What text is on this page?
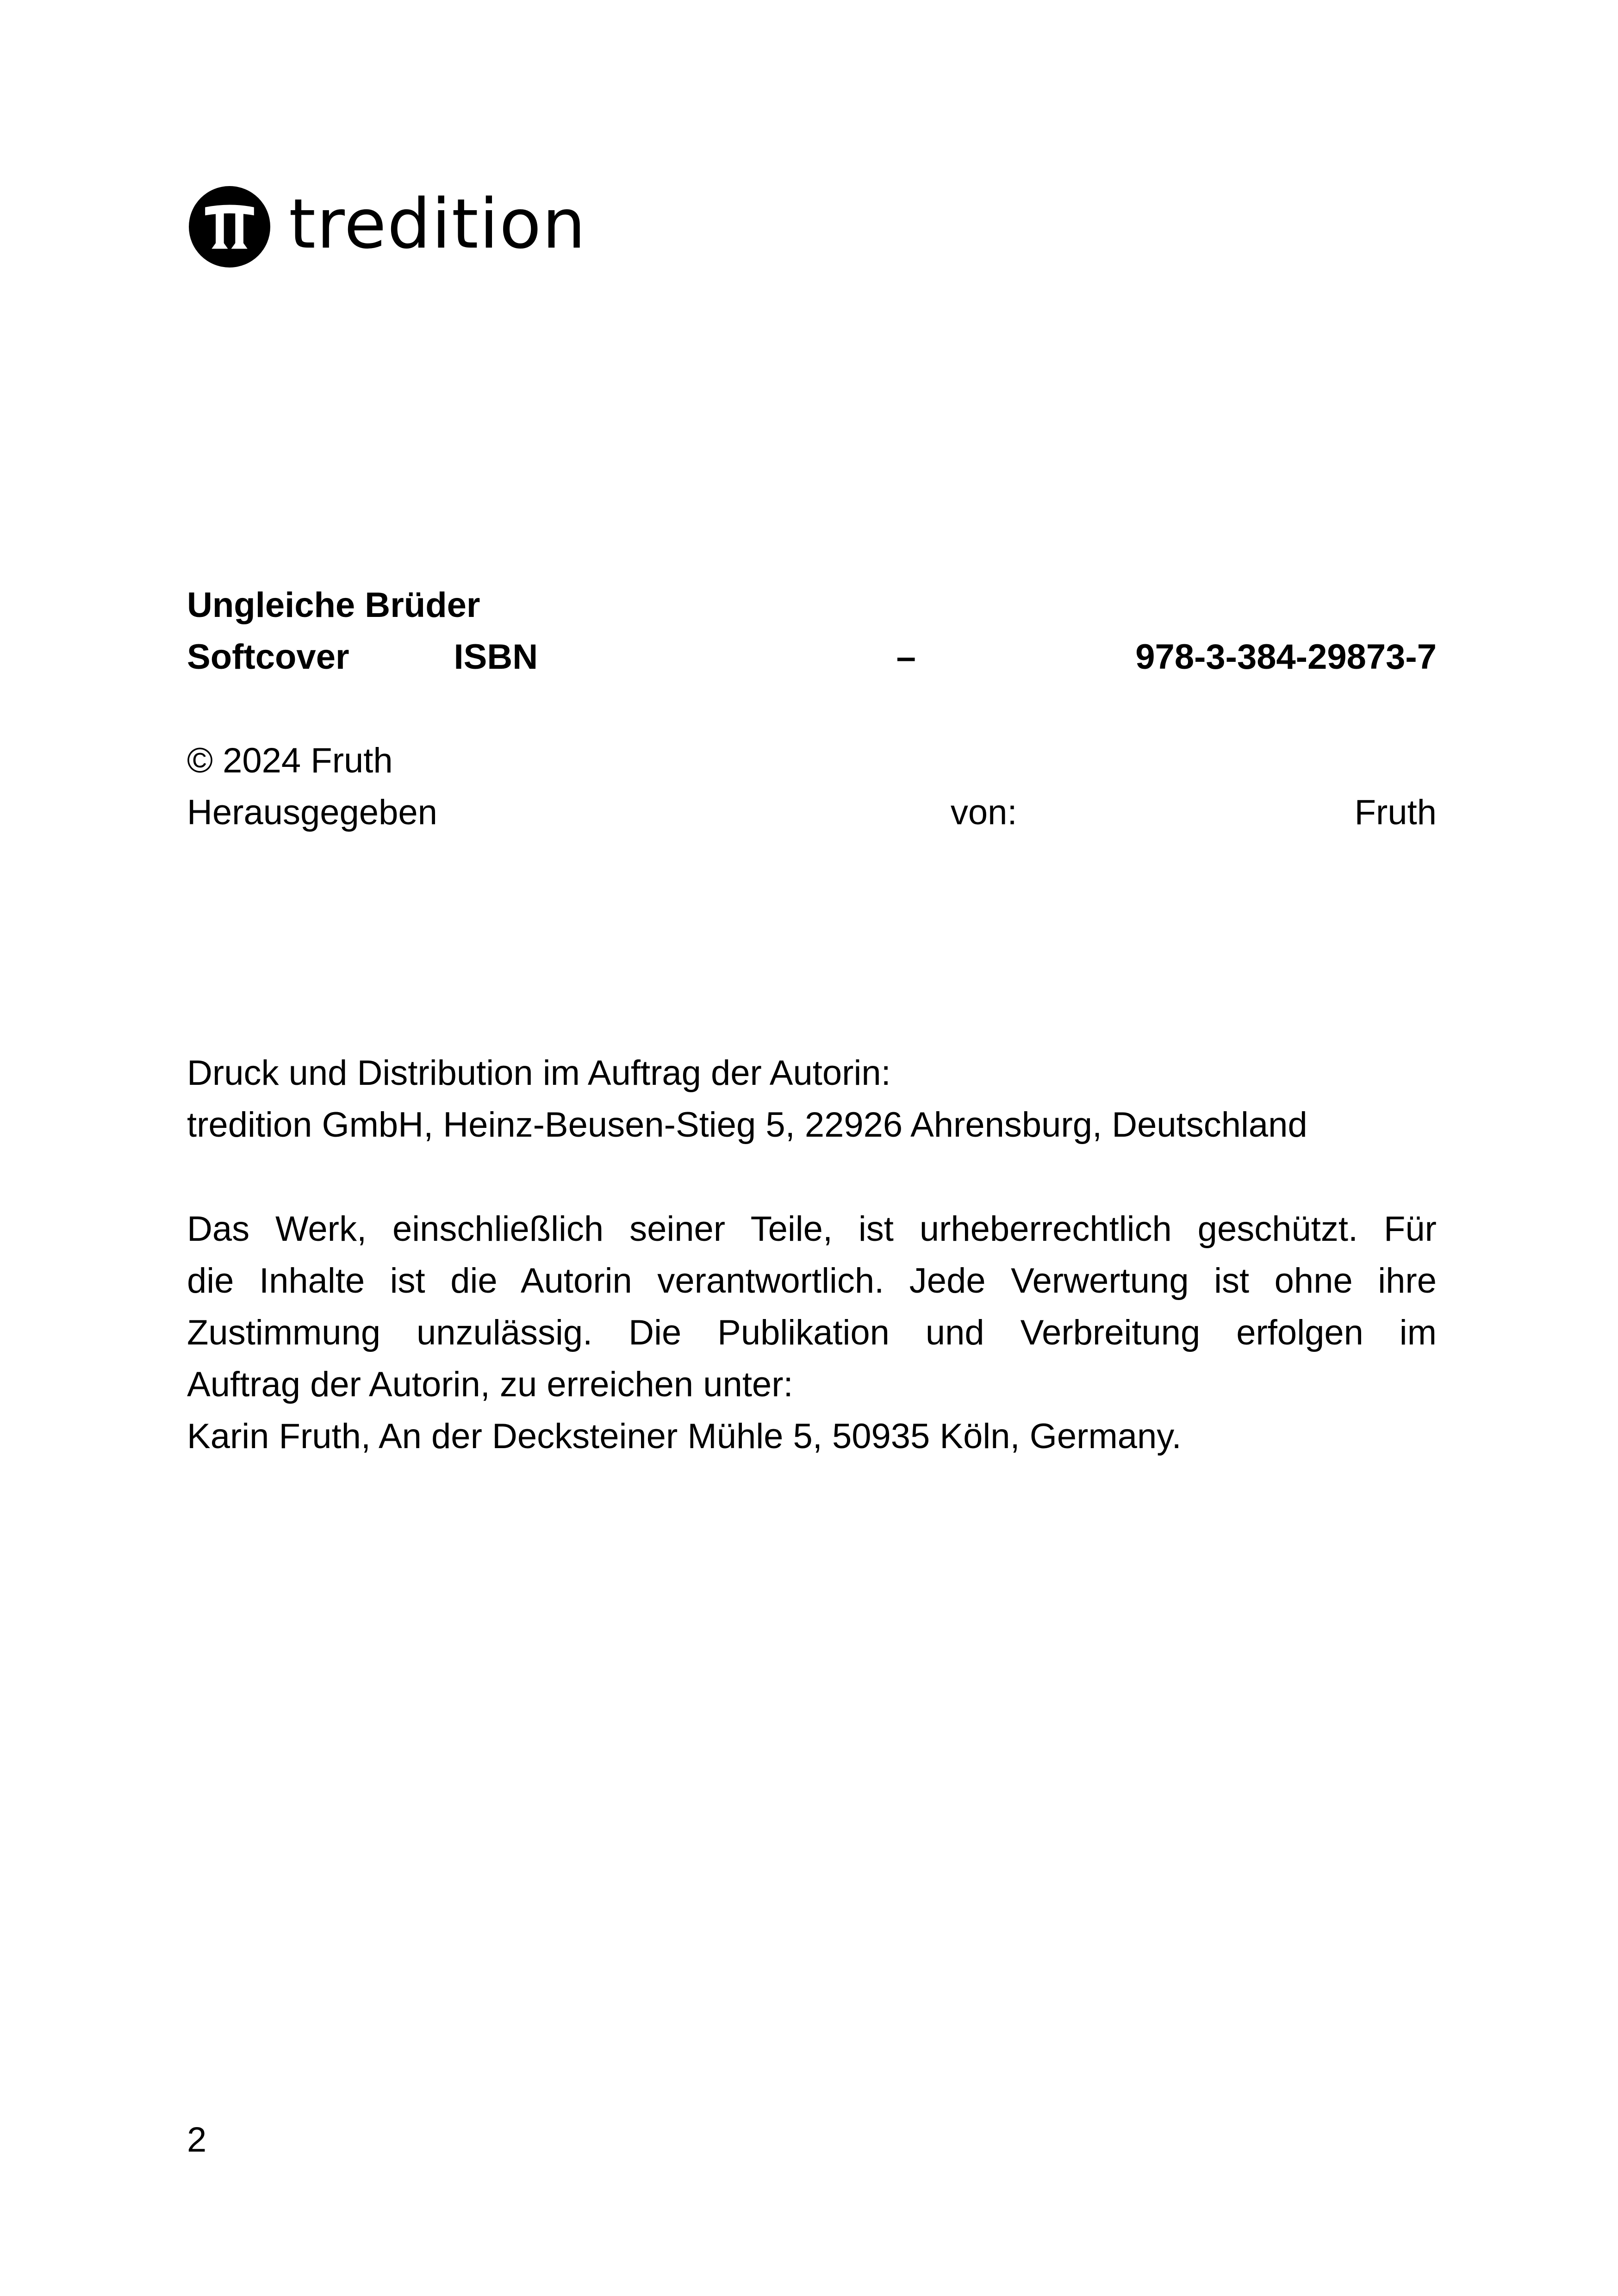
tredition
Ungleiche Brüder
Softcover	ISBN	–	978-3-384-29873-7
© 2024 Fruth
Herausgegeben	von:	Fruth
Druck und Distribution im Auftrag der Autorin:
tredition GmbH, Heinz-Beusen-Stieg 5, 22926 Ahrensburg, Deutschland
Das Werk, einschließlich seiner Teile, ist urheberrechtlich geschützt. Für
die Inhalte ist die Autorin verantwortlich. Jede Verwertung ist ohne ihre
Zustimmung unzulässig. Die Publikation und Verbreitung erfolgen im
Auftrag der Autorin, zu erreichen unter:
Karin Fruth, An der Decksteiner Mühle 5, 50935 Köln, Germany.
2
